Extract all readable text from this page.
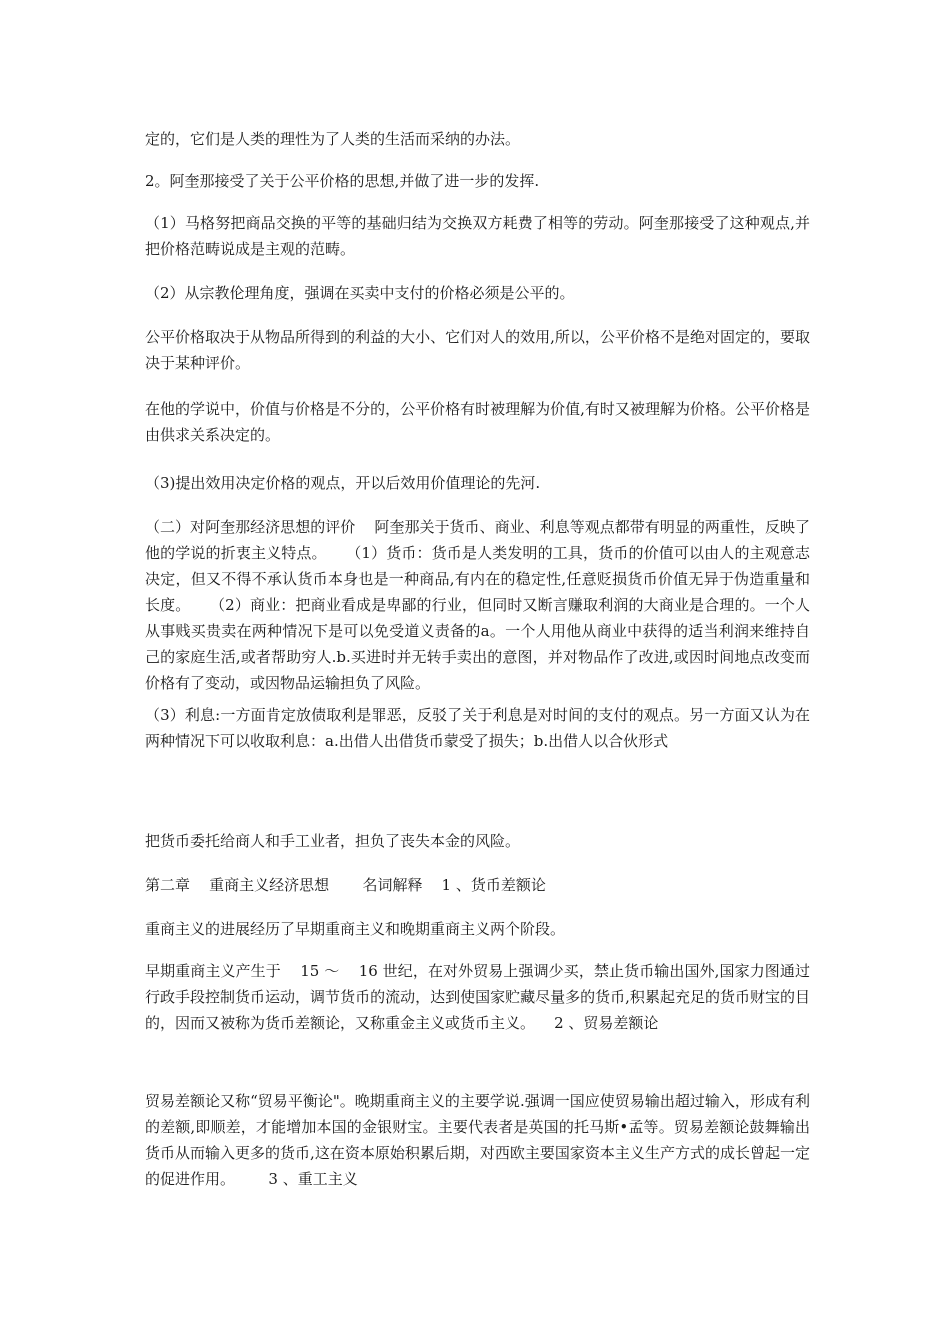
定的，它们是人类的理性为了人类的生活而采纳的办法。

2。阿奎那接受了关于公平价格的思想,并做了进一步的发挥.

（1）马格努把商品交换的平等的基础归结为交换双方耗费了相等的劳动。阿奎那接受了这种观点,并把价格范畴说成是主观的范畴。

（2）从宗教伦理角度，强调在买卖中支付的价格必须是公平的。

公平价格取决于从物品所得到的利益的大小、它们对人的效用,所以，公平价格不是绝对固定的，要取决于某种评价。

在他的学说中，价值与价格是不分的，公平价格有时被理解为价值,有时又被理解为价格。公平价格是由供求关系决定的。

（3)提出效用决定价格的观点，开以后效用价值理论的先河.

（二）对阿奎那经济思想的评价    阿奎那关于货币、商业、利息等观点都带有明显的两重性，反映了他的学说的折衷主义特点。    （1）货币：货币是人类发明的工具，货币的价值可以由人的主观意志决定，但又不得不承认货币本身也是一种商品,有内在的稳定性,任意贬损货币价值无异于伪造重量和长度。    （2）商业：把商业看成是卑鄙的行业，但同时又断言赚取利润的大商业是合理的。一个人从事贱买贵卖在两种情况下是可以免受道义责备的a。一个人用他从商业中获得的适当利润来维持自己的家庭生活,或者帮助穷人.b.买进时并无转手卖出的意图，并对物品作了改进,或因时间地点改变而价格有了变动，或因物品运输担负了风险。

（3）利息:一方面肯定放债取利是罪恶，反驳了关于利息是对时间的支付的观点。另一方面又认为在两种情况下可以收取利息：a.出借人出借货币蒙受了损失；b.出借人以合伙形式

把货币委托给商人和手工业者，担负了丧失本金的风险。

第二章    重商主义经济思想       名词解释    1 、货币差额论

重商主义的进展经历了早期重商主义和晚期重商主义两个阶段。

早期重商主义产生于    15 ～    16 世纪，在对外贸易上强调少买，禁止货币输出国外,国家力图通过行政手段控制货币运动，调节货币的流动，达到使国家贮藏尽量多的货币,积累起充足的货币财宝的目的，因而又被称为货币差额论，又称重金主义或货币主义。    2 、贸易差额论

贸易差额论又称“贸易平衡论"。晚期重商主义的主要学说.强调一国应使贸易输出超过输入，形成有利的差额,即顺差，才能增加本国的金银财宝。主要代表者是英国的托马斯•孟等。贸易差额论鼓舞输出货币从而输入更多的货币,这在资本原始积累后期，对西欧主要国家资本主义生产方式的成长曾起一定的促进作用。       3 、重工主义
